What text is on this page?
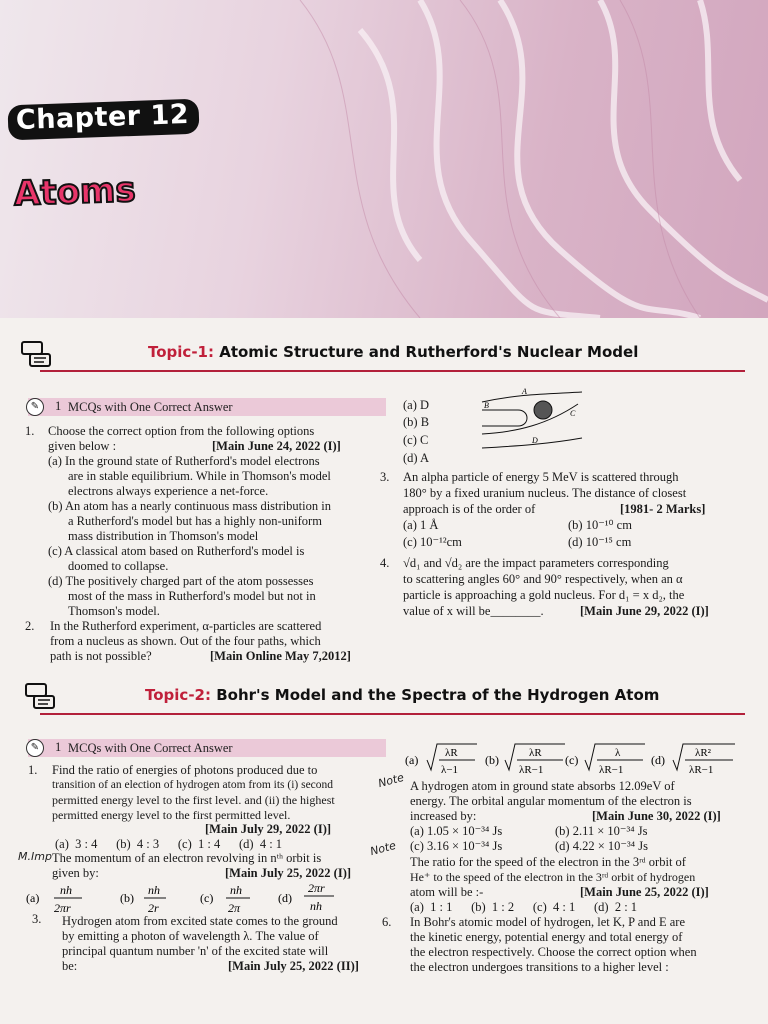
Chapter 12
Atoms
Topic-1: Atomic Structure and Rutherford's Nuclear Model
MCQs with One Correct Answer
✎	1
1. Choose the correct option from the following options
given below :	[Main June 24, 2022 (I)]
(a) In the ground state of Rutherford's model electrons
are in stable equilibrium. While in Thomson's model
electrons always experience a net-force.
(b) An atom has a nearly continuous mass distribution in
a Rutherford's model but has a highly non-uniform
mass distribution in Thomson's model
(c) A classical atom based on Rutherford's model is
doomed to collapse.
(d) The positively charged part of the atom possesses
most of the mass in Rutherford's model but not in
Thomson's model.
2. In the Rutherford experiment, α-particles are scattered
from a nucleus as shown. Out of the four paths, which
path is not possible?	[Main Online May 7,2012]
(a) D
(b) B
(c) C
(d) A
A
B
C
D
3. An alpha particle of energy 5 MeV is scattered through
180° by a fixed uranium nucleus. The distance of closest
approach is of the order of	[1981- 2 Marks]
(a) 1 Å	(b) 10⁻¹⁰ cm
(c) 10⁻¹²cm	(d) 10⁻¹⁵ cm
4. √d₁ and √d₂ are the impact parameters corresponding
to scattering angles 60° and 90° respectively, when an α
particle is approaching a gold nucleus. For d₁ = x d₂, the
value of x will be________.	[Main June 29, 2022 (I)]
Topic-2: Bohr's Model and the Spectra of the Hydrogen Atom
MCQs with One Correct Answer
✎	1
1. Find the ratio of energies of photons produced due to
transition of an election of hydrogen atom from its (i) second
permitted energy level to the first level. and (ii) the highest
permitted energy level to the first permitted level.
[Main July 29, 2022 (I)]
(a)  3 : 4      (b)  4 : 3      (c)  1 : 4      (d)  4 : 1
M.Imp The momentum of an electron revolving in nᵗʰ orbit is
given by:	[Main July 25, 2022 (I)]
(a)
nh
2πr
(b)
nh
2r
(c)
nh
2π
(d)
2πr
nh
3. Hydrogen atom from excited state comes to the ground
by emitting a photon of wavelength λ. The value of
principal quantum number 'n' of the excited state will
be:	[Main July 25, 2022 (II)]
(a) λR
λ−1
(b)	λR
λR−1
(c)	λ
λR−1
(d)	λR²
λR−1
Note A hydrogen atom in ground state absorbs 12.09eV of
energy. The orbital angular momentum of the electron is
increased by:	[Main June 30, 2022 (I)]
(a) 1.05 × 10⁻³⁴ Js	(b) 2.11 × 10⁻³⁴ Js
(c) 3.16 × 10⁻³⁴ Js	(d) 4.22 × 10⁻³⁴ Js
Note
The ratio for the speed of the electron in the 3ʳᵈ orbit of
He⁺ to the speed of the electron in the 3ʳᵈ orbit of hydrogen
atom will be :-	[Main June 25, 2022 (I)]
(a)  1 : 1      (b)  1 : 2      (c)  4 : 1      (d)  2 : 1
6. In Bohr's atomic model of hydrogen, let K, P and E are
the kinetic energy, potential energy and total energy of
the electron respectively. Choose the correct option when
the electron undergoes transitions to a higher level :
